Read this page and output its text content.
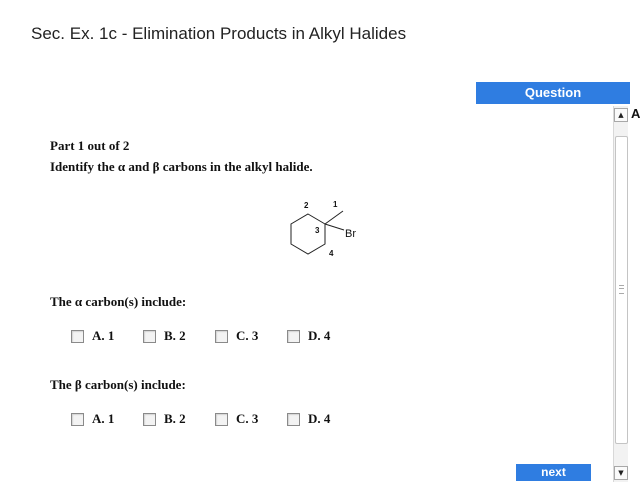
Sec. Ex. 1c - Elimination Products in Alkyl Halides
Question
A
▲
▼
Part 1 out of 2
Identify the α and β carbons in the alkyl halide.
2	1
3
4
Br
The α carbon(s) include:
A. 1	B. 2	C. 3	D. 4
The β carbon(s) include:
A. 1	B. 2	C. 3	D. 4
next
